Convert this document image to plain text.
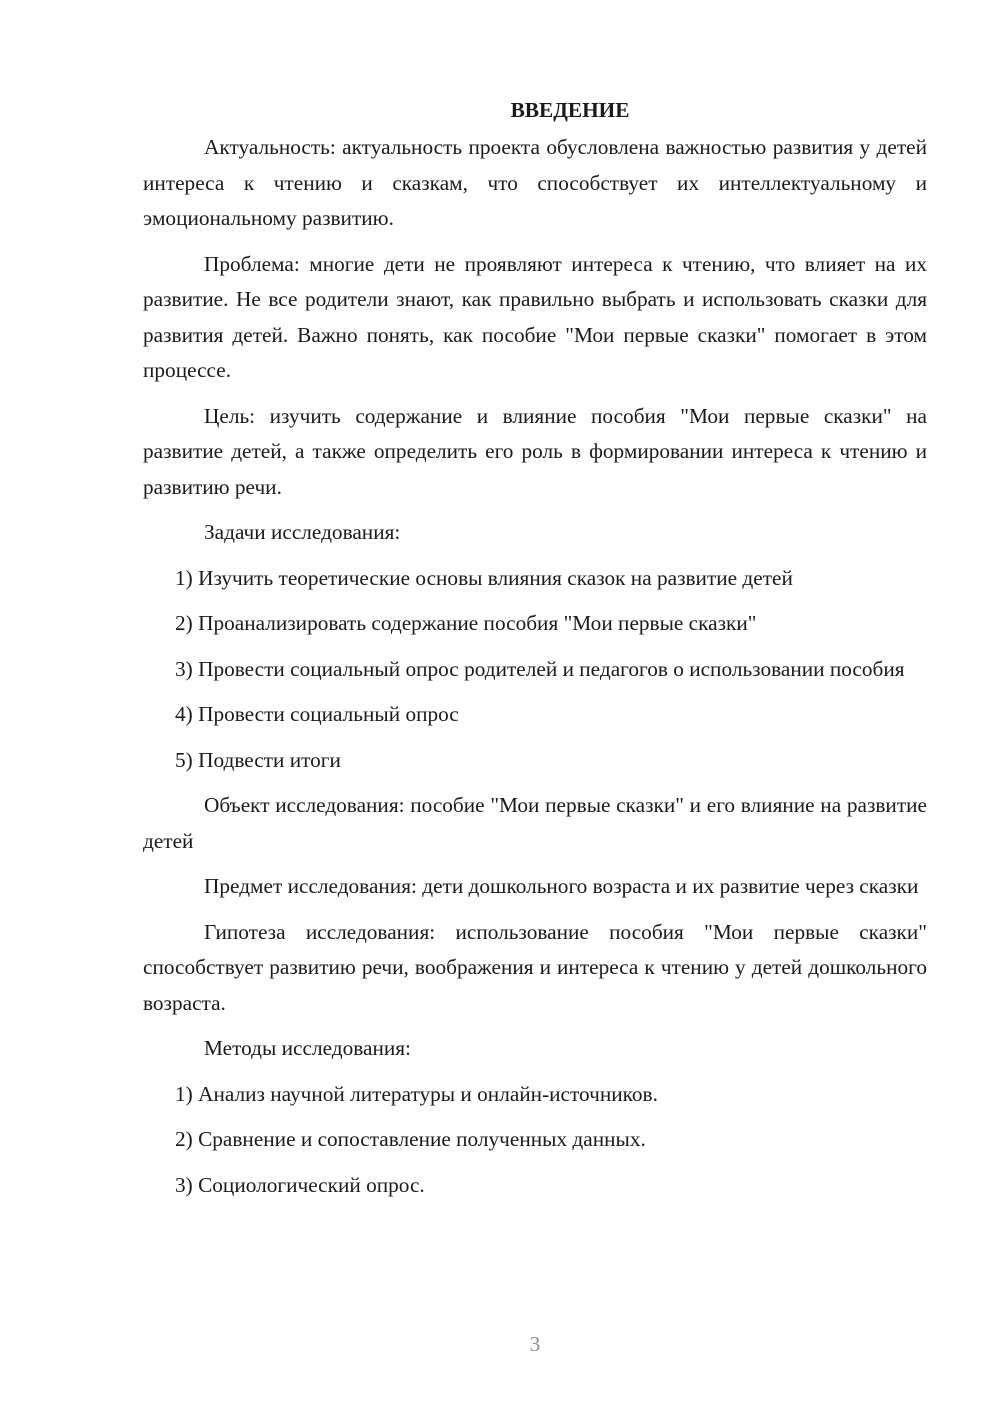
ВВЕДЕНИЕ

Актуальность: актуальность проекта обусловлена важностью развития у детей интереса к чтению и сказкам, что способствует их интеллектуальному и эмоциональному развитию.

Проблема: многие дети не проявляют интереса к чтению, что влияет на их развитие. Не все родители знают, как правильно выбрать и использовать сказки для развития детей. Важно понять, как пособие "Мои первые сказки" помогает в этом процессе.

Цель: изучить содержание и влияние пособия "Мои первые сказки" на развитие детей, а также определить его роль в формировании интереса к чтению и развитию речи.

Задачи исследования:

1) Изучить теоретические основы влияния сказок на развитие детей

2) Проанализировать содержание пособия "Мои первые сказки"

3) Провести социальный опрос родителей и педагогов о использовании пособия

4) Провести социальный опрос

5) Подвести итоги

Объект исследования: пособие "Мои первые сказки" и его влияние на развитие детей

Предмет исследования: дети дошкольного возраста и их развитие через сказки

Гипотеза исследования: использование пособия "Мои первые сказки" способствует развитию речи, воображения и интереса к чтению у детей дошкольного возраста.

Методы исследования:

1) Анализ научной литературы и онлайн-источников.

2) Сравнение и сопоставление полученных данных.

3) Социологический опрос.

3
